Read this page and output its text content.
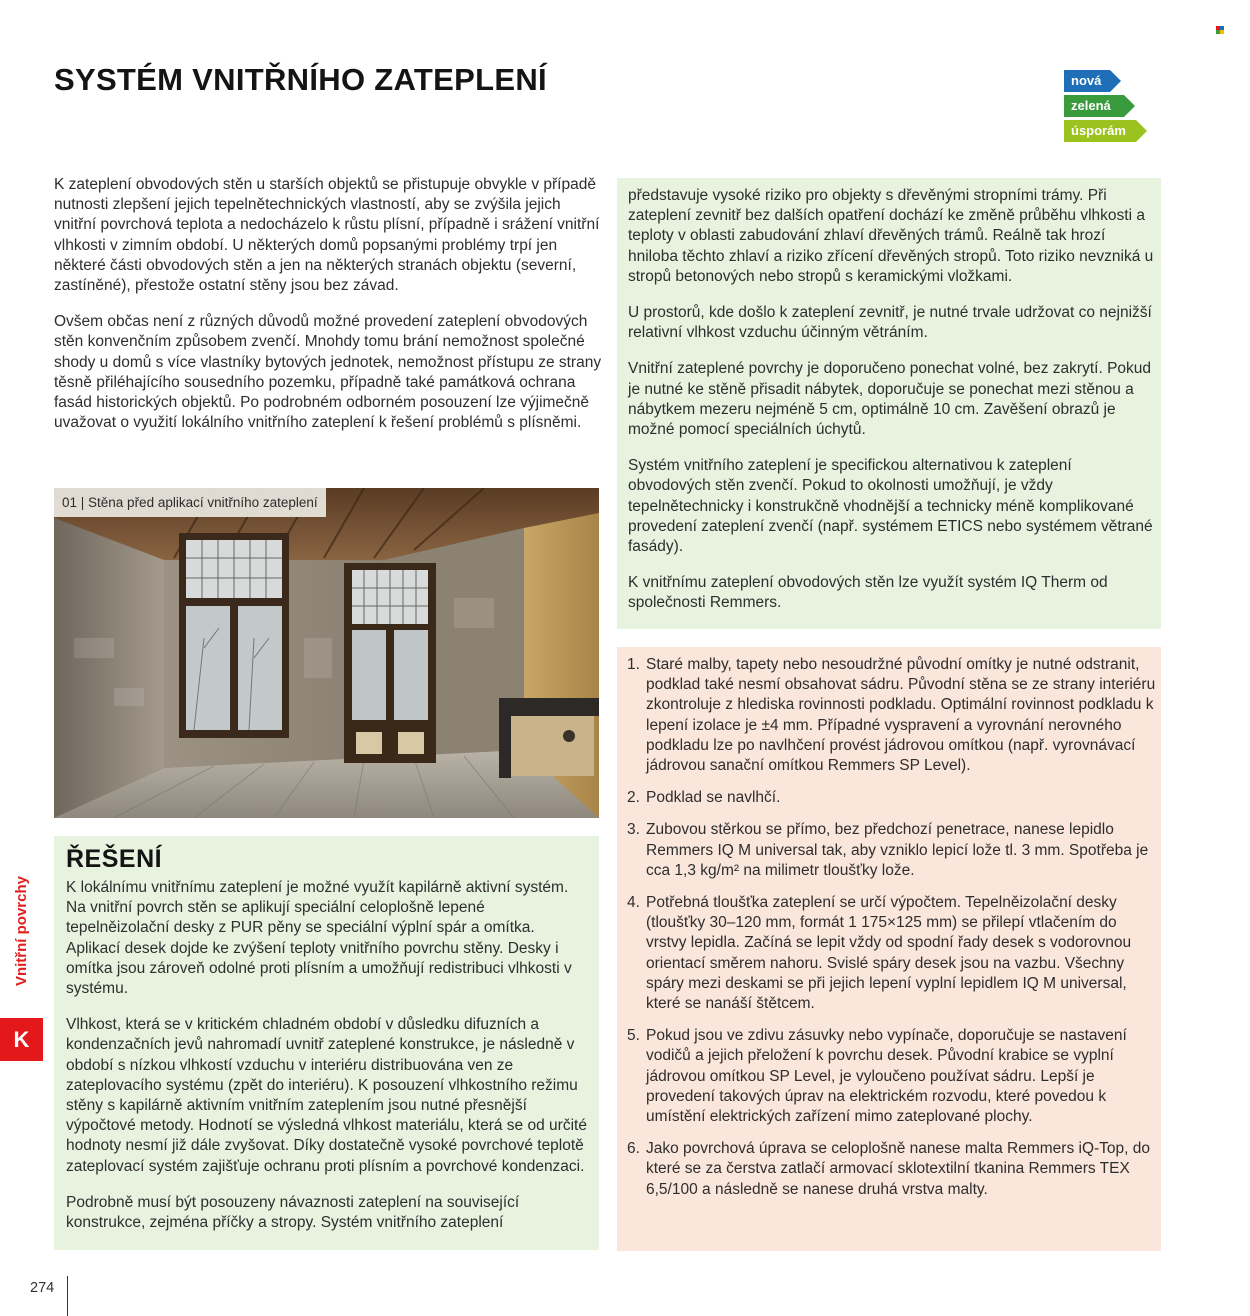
SYSTÉM VNITŘNÍHO ZATEPLENÍ	nová
zelená
úsporám

K zateplení obvodových stěn u starších objektů se přistupuje obvykle v případě nutnosti zlepšení jejich tepelnětechnických vlastností, aby se zvýšila jejich vnitřní povrchová teplota a nedocházelo k růstu plísní, případně i srážení vnitřní vlhkosti v zimním období. U některých domů popsanými problémy trpí jen některé části obvodových stěn a jen na některých stranách objektu (severní, zastíněné), přestože ostatní stěny jsou bez závad.

Ovšem občas není z různých důvodů možné provedení zateplení obvodových stěn konvenčním způsobem zvenčí. Mnohdy tomu brání nemožnost společné shody u domů s více vlastníky bytových jednotek, nemožnost přístupu ze strany těsně přiléhajícího sousedního pozemku, případně také památková ochrana fasád historických objektů. Po podrobném odborném posouzení lze výjimečně uvažovat o využití lokálního vnitřního zateplení k řešení problémů s plísněmi.

01 | Stěna před aplikací vnitřního zateplení
ŘEŠENÍ

K lokálnímu vnitřnímu zateplení je možné využít kapilárně aktivní systém. Na vnitřní povrch stěn se aplikují speciální celoplošně lepené tepelněizolační desky z PUR pěny se speciální výplní spár a omítka. Aplikací desek dojde ke zvýšení teploty vnitřního povrchu stěny. Desky i omítka jsou zároveň odolné proti plísním a umožňují redistribuci vlhkosti v systému.

Vlhkost, která se v kritickém chladném období v důsledku difuzních a kondenzačních jevů nahromadí uvnitř zateplené konstrukce, je následně v období s nízkou vlhkostí vzduchu v interiéru distribuována ven ze zateplovacího systému (zpět do interiéru). K posouzení vlhkostního režimu stěny s kapilárně aktivním vnitřním zateplením jsou nutné přesnější výpočtové metody. Hodnotí se výsledná vlhkost materiálu, která se od určité hodnoty nesmí již dále zvyšovat. Díky dostatečně vysoké povrchové teplotě zateplovací systém zajišťuje ochranu proti plísním a povrchové kondenzaci.

Podrobně musí být posouzeny návaznosti zateplení na související konstrukce, zejména příčky a stropy. Systém vnitřního zateplení

představuje vysoké riziko pro objekty s dřevěnými stropními trámy. Při zateplení zevnitř bez dalších opatření dochází ke změně průběhu vlhkosti a teploty v oblasti zabudování zhlaví dřevěných trámů. Reálně tak hrozí hniloba těchto zhlaví a riziko zřícení dřevěných stropů. Toto riziko nevzniká u stropů betonových nebo stropů s keramickými vložkami.

U prostorů, kde došlo k zateplení zevnitř, je nutné trvale udržovat co nejnižší relativní vlhkost vzduchu účinným větráním.

Vnitřní zateplené povrchy je doporučeno ponechat volné, bez zakrytí. Pokud je nutné ke stěně přisadit nábytek, doporučuje se ponechat mezi stěnou a nábytkem mezeru nejméně 5 cm, optimálně 10 cm. Zavěšení obrazů je možné pomocí speciálních úchytů.

Systém vnitřního zateplení je specifickou alternativou k zateplení obvodových stěn zvenčí. Pokud to okolnosti umožňují, je vždy tepelnětechnicky i konstrukčně vhodnější a technicky méně komplikované provedení zateplení zvenčí (např. systémem ETICS nebo systémem větrané fasády).

K vnitřnímu zateplení obvodových stěn lze využít systém IQ Therm od společnosti Remmers.

1. Staré malby, tapety nebo nesoudržné původní omítky je nutné odstranit, podklad také nesmí obsahovat sádru. Původní stěna se ze strany interiéru zkontroluje z hlediska rovinnosti podkladu. Optimální rovinnost podkladu k lepení izolace je ±4 mm. Případné vyspravení a vyrovnání nerovného podkladu lze po navlhčení provést jádrovou omítkou (např. vyrovnávací jádrovou sanační omítkou Remmers SP Level).
2. Podklad se navlhčí.
3. Zubovou stěrkou se přímo, bez předchozí penetrace, nanese lepidlo Remmers IQ M universal tak, aby vzniklo lepicí lože tl. 3 mm. Spotřeba je cca 1,3 kg/m² na milimetr tloušťky lože.
4. Potřebná tloušťka zateplení se určí výpočtem. Tepelněizolační desky (tloušťky 30–120 mm, formát 1 175×125 mm) se přilepí vtlačením do vrstvy lepidla. Začíná se lepit vždy od spodní řady desek s vodorovnou orientací směrem nahoru. Svislé spáry desek jsou na vazbu. Všechny spáry mezi deskami se při jejich lepení vyplní lepidlem IQ M universal, které se nanáší štětcem.
5. Pokud jsou ve zdivu zásuvky nebo vypínače, doporučuje se nastavení vodičů a jejich přeložení k povrchu desek. Původní krabice se vyplní jádrovou omítkou SP Level, je vyloučeno používat sádru. Lepší je provedení takových úprav na elektrickém rozvodu, které povedou k umístění elektrických zařízení mimo zateplované plochy.
6. Jako povrchová úprava se celoplošně nanese malta Remmers iQ-Top, do které se za čerstva zatlačí armovací sklotextilní tkanina Remmers TEX 6,5/100 a následně se nanese druhá vrstva malty.
Vnitřní povrchy
K
274
